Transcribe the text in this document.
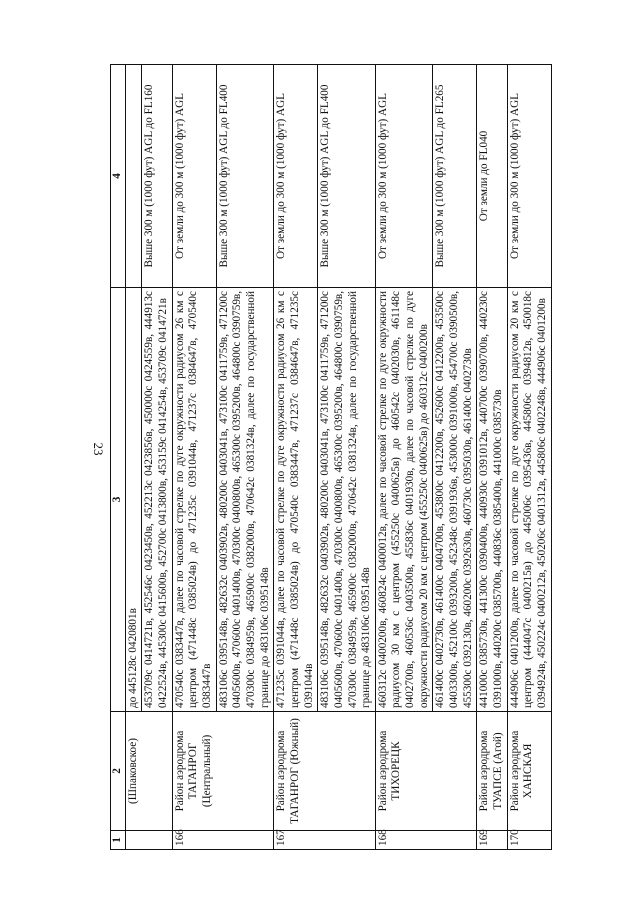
23
1	2	3	4
	(Шпаковское)	до 445128с 0420801в	
		453709с 0414721в, 452546с 0423450в, 452213с 0423856в, 450000с 0424559в, 444913с 0422524в, 445300с 0415600в, 452700с 0413800в, 453159с 0414254в, 453709с 0414721в	Выше 300 м (1000 фут) AGL до FL160
166	Район аэродрома ТАГАНРОГ (Центральный)	470540с 0383447в, далее по часовой стрелке по дуге окружности радиусом 26 км с центром (471448с 0385024в) до 471235с 0391044в, 471237с 0384647в, 470540с 0383447в	От земли до 300 м (1000 фут) AGL
		483106с 0395148в, 482632с 0403902в, 480200с 0403041в, 473100с 0411759в, 471200с 0405600в, 470600с 0401400в, 470300с 0400800в, 465300с 0395200в, 464800с 0390759в, 470300с 0384959в, 465900с 0382000в, 470642с 0381324в, далее по государственной границе до 483106с 0395148в	Выше 300 м (1000 фут) AGL до FL400
167	Район аэродрома ТАГАНРОГ (Южный)	471235с 0391044в, далее по часовой стрелке по дуге окружности радиусом 26 км с центром (471448с 0385024в) до 470540с 0383447в, 471237с 0384647в, 471235с 0391044в	От земли до 300 м (1000 фут) AGL
		483106с 0395148в, 482632с 0403902в, 480200с 0403041в, 473100с 0411759в, 471200с 0405600в, 470600с 0401400в, 470300с 0400800в, 465300с 0395200в, 464800с 0390759в, 470300с 0384959в, 465900с 0382000в, 470642с 0381324в, далее по государственной границе до 483106с 0395148в	Выше 300 м (1000 фут) AGL до FL400
168	Район аэродрома ТИХОРЕЦК	460312с 0400200в, 460824с 0400012в, далее по часовой стрелке по дуге окружности радиусом 30 км с центром (455250с 0400625в) до 460542с 0402030в, 461148с 0402700в, 460536с 0403500в, 455836с 0401930в, далее по часовой стрелке по дуге окружности радиусом 20 км с центром (455250с 0400625в) до 460312с 0400200в	От земли до 300 м (1000 фут) AGL
		461400с 0402730в, 461400с 0404700в, 453800с 0412200в, 452600с 0412200в, 453500с 0403300в, 452100с 0393200в, 452348с 0391936в, 453000с 0391000в, 454700с 0390500в, 455300с 0392130в, 460200с 0392630в, 460730с 0395030в, 461400с 0402730в	Выше 300 м (1000 фут) AGL до FL265
169	Район аэродрома ТУАПСЕ (Агой)	441000с 0385730в, 441300с 0390400в, 440930с 0391012в, 440700с 0390700в, 440230с 0391000в, 440200с 0385700в, 440836с 0385400в, 441000с 0385730в	От земли до FL040
170	Район аэродрома ХАНСКАЯ	444906с 0401200в, далее по часовой стрелке по дуге окружности радиусом 20 км с центром (444047с 0400215в) до 445006с 0395436в, 445806с 0394812в, 450018с 0394924в, 450224с 0400212в, 450206с 0401312в, 445806с 0402248в, 444906с 0401200в	От земли до 300 м (1000 фут) AGL
